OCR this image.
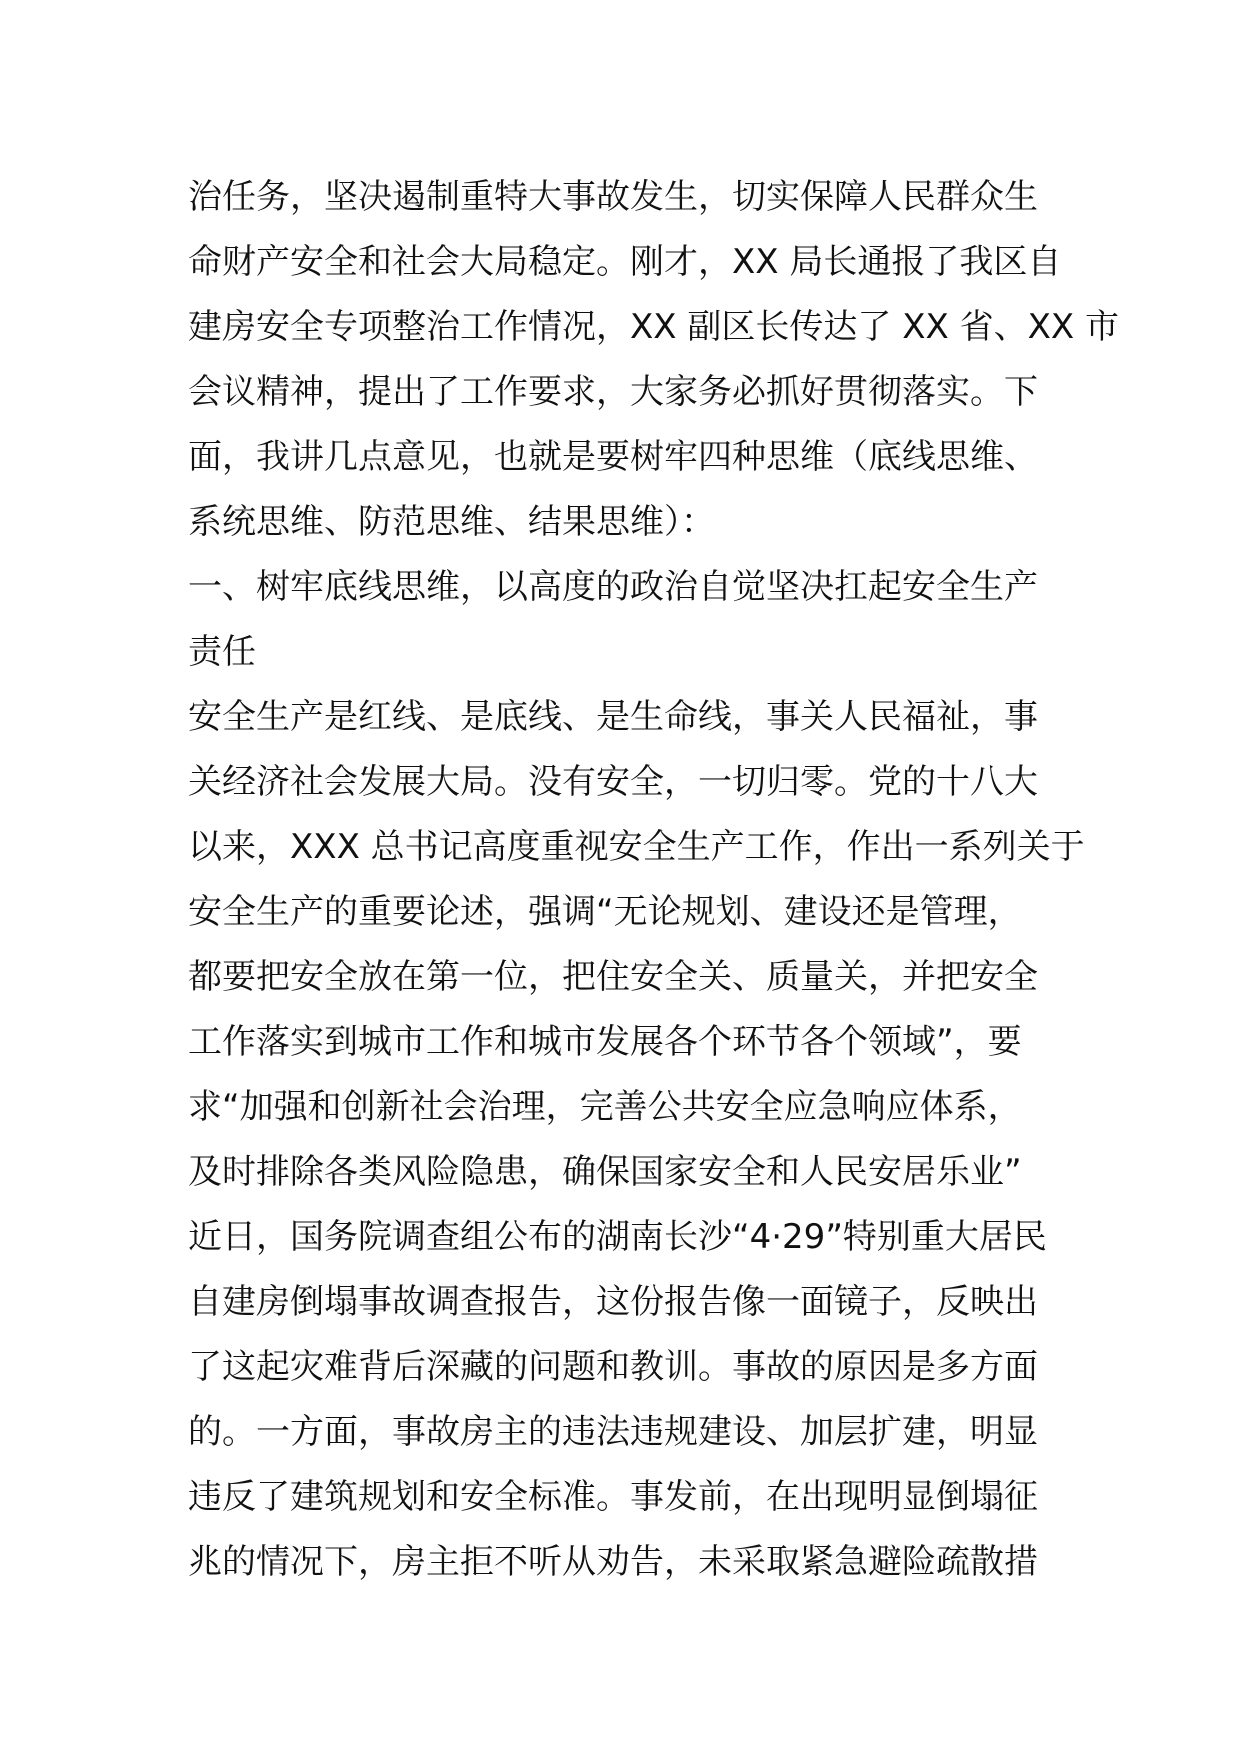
治任务，坚决遏制重特大事故发生，切实保障人民群众生
命财产安全和社会大局稳定。刚才，XX 局长通报了我区自
建房安全专项整治工作情况，XX 副区长传达了 XX 省、XX 市
会议精神，提出了工作要求，大家务必抓好贯彻落实。下
面，我讲几点意见，也就是要树牢四种思维（底线思维、
系统思维、防范思维、结果思维）：
一、树牢底线思维，以高度的政治自觉坚决扛起安全生产
责任
安全生产是红线、是底线、是生命线，事关人民福祉，事
关经济社会发展大局。没有安全，一切归零。党的十八大
以来，XXX 总书记高度重视安全生产工作，作出一系列关于
安全生产的重要论述，强调“无论规划、建设还是管理，
都要把安全放在第一位，把住安全关、质量关，并把安全
工作落实到城市工作和城市发展各个环节各个领域”，要
求“加强和创新社会治理，完善公共安全应急响应体系，
及时排除各类风险隐患，确保国家安全和人民安居乐业”
近日，国务院调查组公布的湖南长沙“4·29”特别重大居民
自建房倒塌事故调查报告，这份报告像一面镜子，反映出
了这起灾难背后深藏的问题和教训。事故的原因是多方面
的。一方面，事故房主的违法违规建设、加层扩建，明显
违反了建筑规划和安全标准。事发前，在出现明显倒塌征
兆的情况下，房主拒不听从劝告，未采取紧急避险疏散措
